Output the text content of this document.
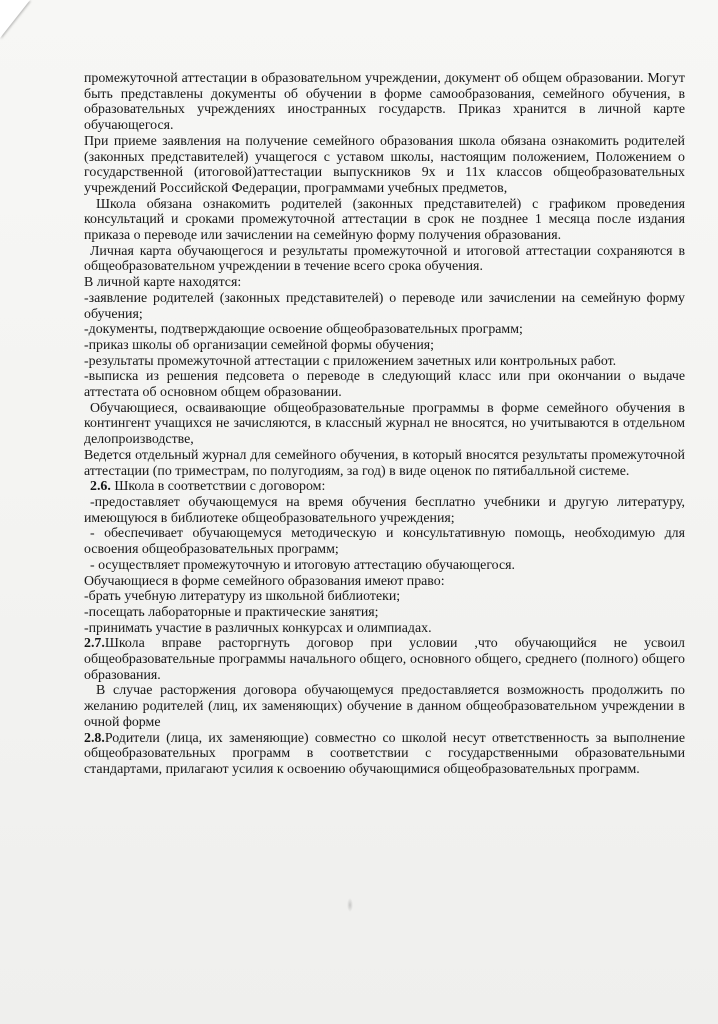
промежуточной аттестации в образовательном учреждении, документ об общем образовании. Могут быть представлены документы об обучении в форме самообразования, семейного обучения, в образовательных учреждениях иностранных государств. Приказ хранится в личной карте обучающегося.

При приеме заявления на получение семейного образования школа обязана ознакомить родителей (законных представителей) учащегося с уставом школы, настоящим положением, Положением о государственной (итоговой)аттестации выпускников 9х и 11х классов общеобразовательных учреждений Российской Федерации, программами учебных предметов,

Школа обязана ознакомить родителей (законных представителей) с графиком проведения консультаций и сроками промежуточной аттестации в срок не позднее 1 месяца после издания приказа о переводе или зачислении на семейную форму получения образования.

Личная карта обучающегося и результаты промежуточной и итоговой аттестации сохраняются в общеобразовательном учреждении в течение всего срока обучения.

В личной карте находятся:

-заявление родителей (законных представителей) о переводе или зачислении на семейную форму обучения;

-документы, подтверждающие освоение общеобразовательных программ;

-приказ школы об организации семейной формы обучения;

-результаты промежуточной аттестации с приложением зачетных или контрольных работ.

-выписка из решения педсовета о переводе в следующий класс или при окончании о выдаче аттестата об основном общем образовании.

Обучающиеся, осваивающие общеобразовательные программы в форме семейного обучения в контингент учащихся не зачисляются, в классный журнал не вносятся, но учитываются в отдельном делопроизводстве,

Ведется отдельный журнал для семейного обучения, в который вносятся результаты промежуточной аттестации (по триместрам, по полугодиям, за год) в виде оценок по пятибалльной системе.

2.6. Школа в соответствии с договором:

-предоставляет обучающемуся на время обучения бесплатно учебники и другую литературу, имеющуюся в библиотеке общеобразовательного учреждения;

- обеспечивает обучающемуся методическую и консультативную помощь, необходимую для освоения общеобразовательных программ;

- осуществляет промежуточную и итоговую аттестацию обучающегося.

Обучающиеся в форме семейного образования имеют право:

-брать учебную литературу из школьной библиотеки;

-посещать лабораторные и практические занятия;

-принимать участие в различных конкурсах и олимпиадах.

2.7.Школа вправе расторгнуть договор при условии ,что обучающийся не усвоил общеобразовательные программы начального общего, основного общего, среднего (полного) общего образования.

В случае расторжения договора обучающемуся предоставляется возможность продолжить по желанию родителей (лиц, их заменяющих) обучение в данном общеобразовательном учреждении в очной форме

2.8.Родители (лица, их заменяющие) совместно со школой несут ответственность за выполнение общеобразовательных программ в соответствии с государственными образовательными стандартами, прилагают усилия к освоению обучающимися общеобразовательных программ.
